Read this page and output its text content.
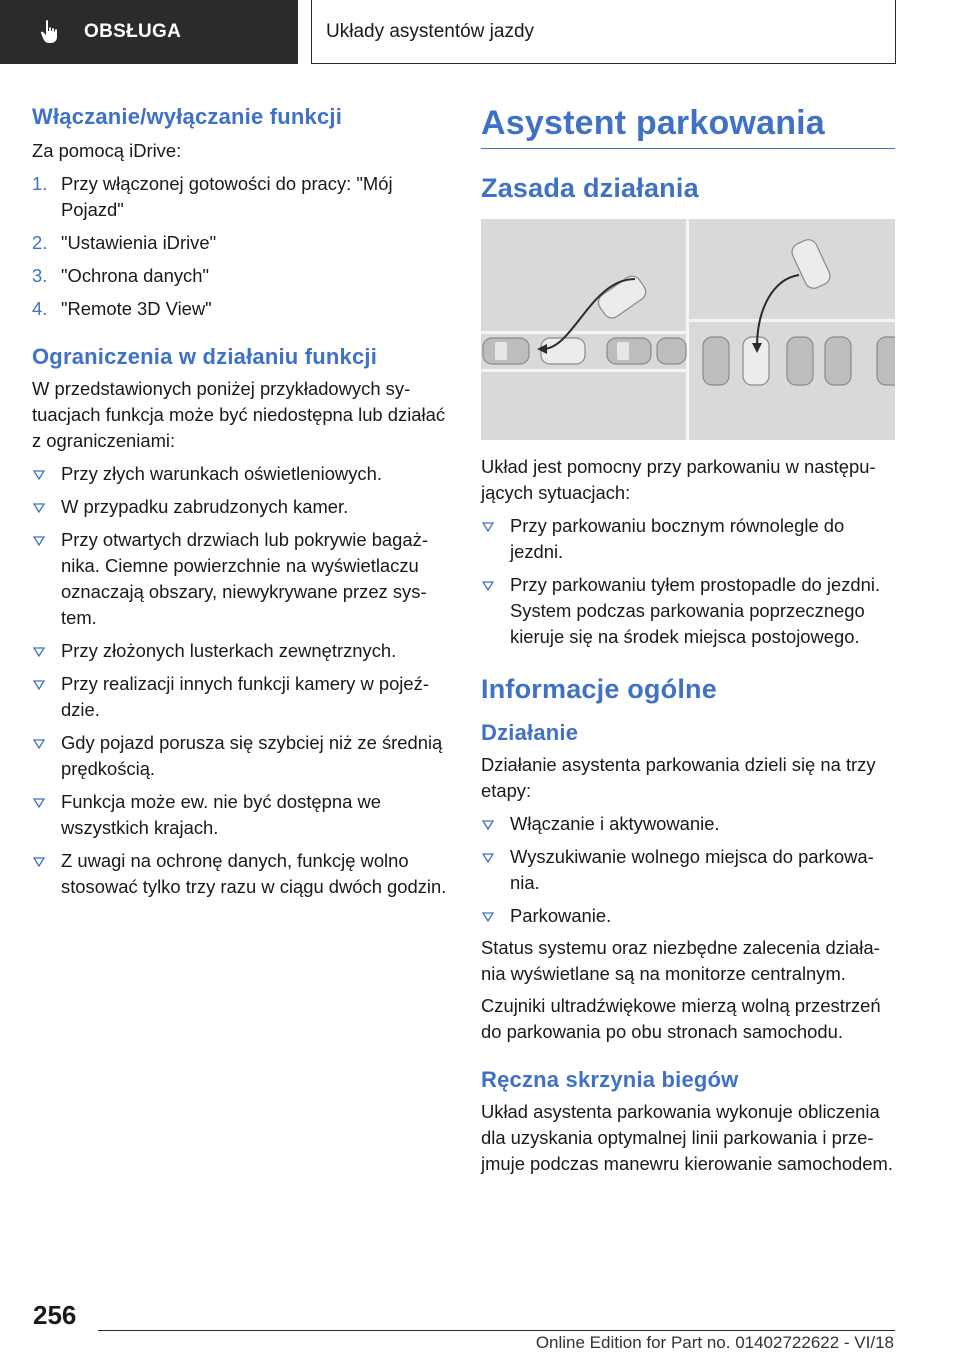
OBSŁUGA	Układy asystentów jazdy
Włączanie/wyłączanie funkcji
Za pomocą iDrive:
1. Przy włączonej gotowości do pracy: "Mój Pojazd"
2. "Ustawienia iDrive"
3. "Ochrona danych"
4. "Remote 3D View"
Ograniczenia w działaniu funkcji
W przedstawionych poniżej przykładowych sytuacjach funkcja może być niedostępna lub działać z ograniczeniami:
Przy złych warunkach oświetleniowych.
W przypadku zabrudzonych kamer.
Przy otwartych drzwiach lub pokrywie bagażnika. Ciemne powierzchnie na wyświetlaczu oznaczają obszary, niewykrywane przez system.
Przy złożonych lusterkach zewnętrznych.
Przy realizacji innych funkcji kamery w pojeździe.
Gdy pojazd porusza się szybciej niż ze średnią prędkością.
Funkcja może ew. nie być dostępna we wszystkich krajach.
Z uwagi na ochronę danych, funkcję wolno stosować tylko trzy razu w ciągu dwóch godzin.
Asystent parkowania
Zasada działania
Układ jest pomocny przy parkowaniu w następujących sytuacjach:
Przy parkowaniu bocznym równolegle do jezdni.
Przy parkowaniu tyłem prostopadle do jezdni. System podczas parkowania poprzecznego kieruje się na środek miejsca postojowego.
Informacje ogólne
Działanie
Działanie asystenta parkowania dzieli się na trzy etapy:
Włączanie i aktywowanie.
Wyszukiwanie wolnego miejsca do parkowania.
Parkowanie.
Status systemu oraz niezbędne zalecenia działania wyświetlane są na monitorze centralnym.
Czujniki ultradźwiękowe mierzą wolną przestrzeń do parkowania po obu stronach samochodu.
Ręczna skrzynia biegów
Układ asystenta parkowania wykonuje obliczenia dla uzyskania optymalnej linii parkowania i przejmuje podczas manewru kierowanie samochodem.
256
Online Edition for Part no. 01402722622 - VI/18
